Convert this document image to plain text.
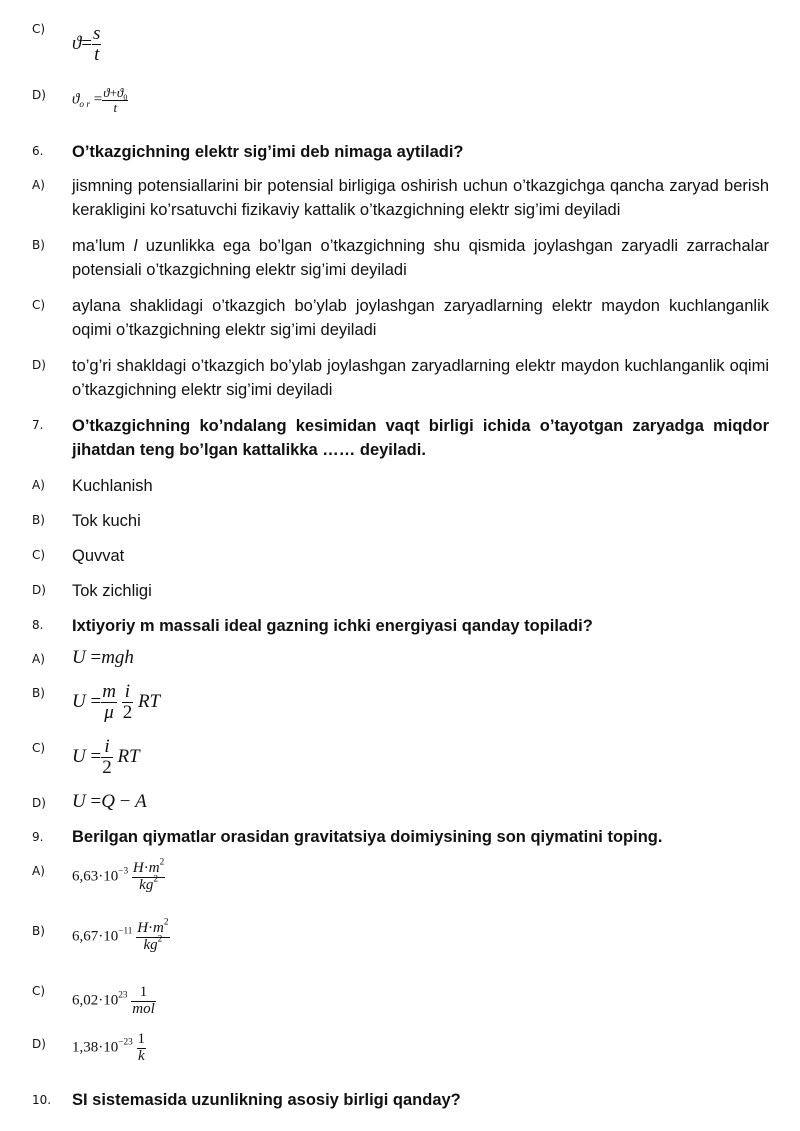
C)
$ϑ= \frac{s}{t}$
D)	$ϑ_{o r} = \frac{ϑ+ϑ_0}{t}$
6.	O’tkazgichning elektr sig’imi deb nimaga aytiladi?
A)	jismning potensiallarini bir potensial birligiga oshirish uchun o’tkazgichga qancha zaryad berish kerakligini ko’rsatuvchi fizikaviy kattalik o’tkazgichning elektr sig’imi deyiladi
B)	ma’lum l uzunlikka ega bo’lgan o’tkazgichning shu qismida joylashgan zaryadli zarrachalar potensiali o’tkazgichning elektr sig’imi deyiladi
C)	aylana shaklidagi o’tkazgich bo’ylab joylashgan zaryadlarning elektr maydon kuchlanganlik oqimi o’tkazgichning elektr sig’imi deyiladi
D)	to’g’ri shakldagi o’tkazgich bo’ylab joylashgan zaryadlarning elektr maydon kuchlanganlik oqimi o’tkazgichning elektr sig’imi deyiladi
7.	O’tkazgichning ko’ndalang kesimidan vaqt birligi ichida o’tayotgan zaryadga miqdor jihatdan teng bo’lgan kattalikka …… deyiladi.
A)	Kuchlanish
B)	Tok kuchi
C)	Quvvat
D)	Tok zichligi
8.	Ixtiyoriy m massali ideal gazning ichki energiyasi qanday topiladi?
A)	U =mgh
B)	$U = \frac{m}{\mu}$
$\frac{i}{2}$ RT
C)	$U = \frac{i}{2}$ RT
D)	U =Q − A
9.	Berilgan qiymatlar orasidan gravitatsiya doimiysining son qiymatini toping.
A)	$6,63\cdot 10^{-3} \frac{H\cdot m^2}{kg^2}$
B)	$6,67\cdot 10^{-11} \frac{H\cdot m^2}{kg^2}$
C)
$6,02\cdot 10^{23} \frac{1}{\text{mol}}$
D)	$1,38\cdot 10^{-23} \frac{1}{k}$
10.	SI sistemasida uzunlikning asosiy birligi qanday?
